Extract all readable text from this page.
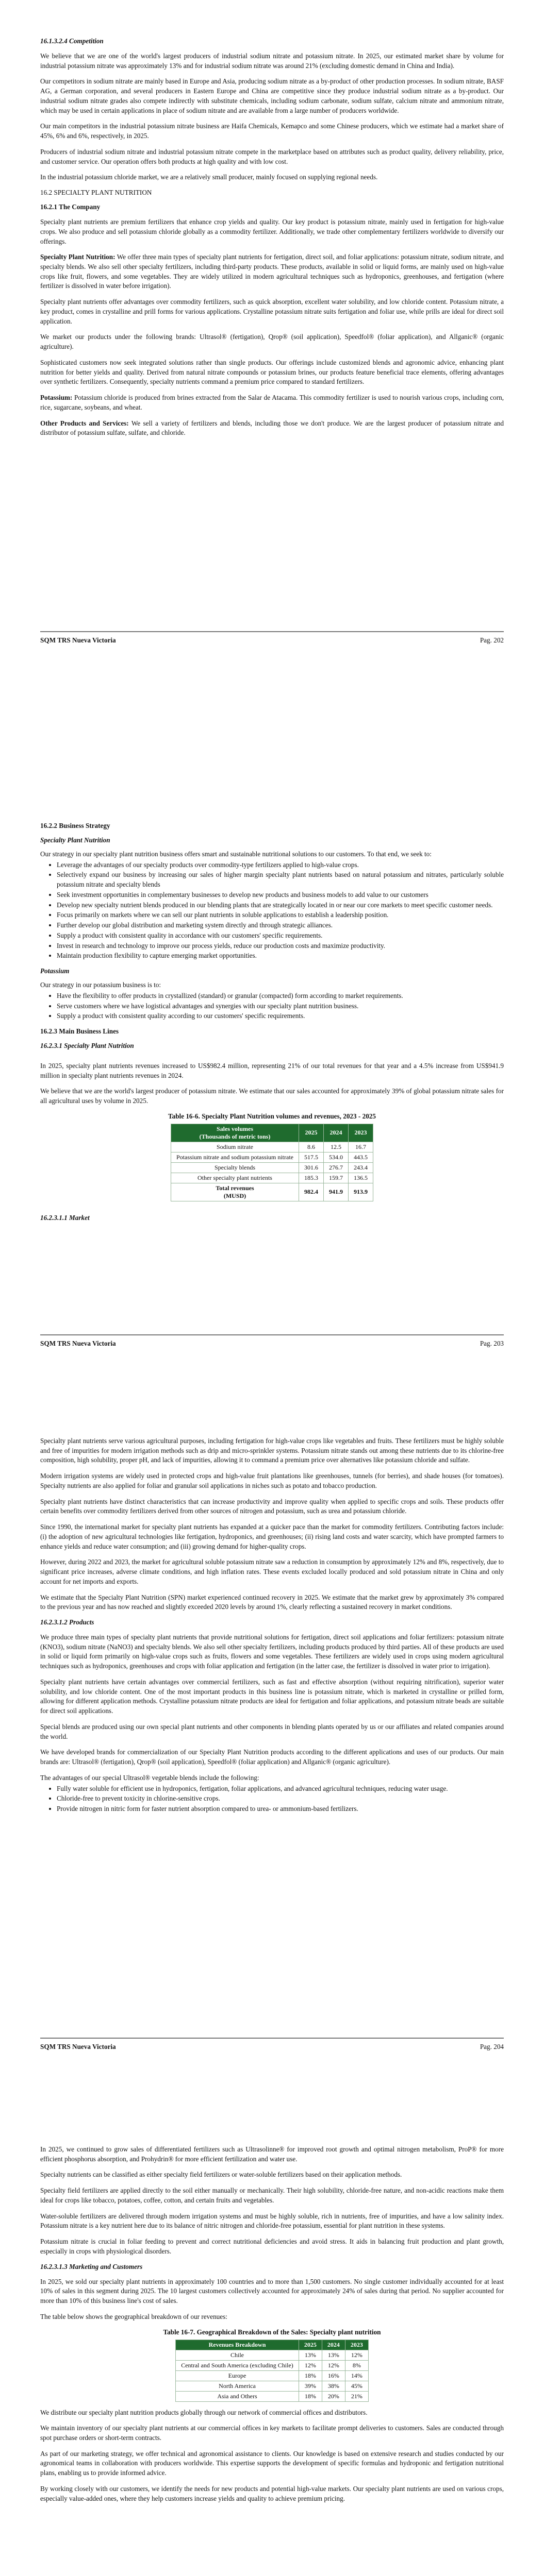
16.1.3.2.4 Competition

We believe that we are one of the world's largest producers of industrial sodium nitrate and potassium nitrate. In 2025, our estimated market share by volume for industrial potassium nitrate was approximately 13% and for industrial sodium nitrate was around 21% (excluding domestic demand in China and India).

Our competitors in sodium nitrate are mainly based in Europe and Asia, producing sodium nitrate as a by-product of other production processes. In sodium nitrate, BASF AG, a German corporation, and several producers in Eastern Europe and China are competitive since they produce industrial sodium nitrate as a by-product. Our industrial sodium nitrate grades also compete indirectly with substitute chemicals, including sodium carbonate, sodium sulfate, calcium nitrate and ammonium nitrate, which may be used in certain applications in place of sodium nitrate and are available from a large number of producers worldwide.

Our main competitors in the industrial potassium nitrate business are Haifa Chemicals, Kemapco and some Chinese producers, which we estimate had a market share of 45%, 6% and 6%, respectively, in 2025.

Producers of industrial sodium nitrate and industrial potassium nitrate compete in the marketplace based on attributes such as product quality, delivery reliability, price, and customer service. Our operation offers both products at high quality and with low cost.

In the industrial potassium chloride market, we are a relatively small producer, mainly focused on supplying regional needs.

16.2 SPECIALTY PLANT NUTRITION
16.2.1 The Company

Specialty plant nutrients are premium fertilizers that enhance crop yields and quality. Our key product is potassium nitrate, mainly used in fertigation for high-value crops. We also produce and sell potassium chloride globally as a commodity fertilizer. Additionally, we trade other complementary fertilizers worldwide to diversify our offerings.

Specialty Plant Nutrition: We offer three main types of specialty plant nutrients for fertigation, direct soil, and foliar applications: potassium nitrate, sodium nitrate, and specialty blends. We also sell other specialty fertilizers, including third-party products. These products, available in solid or liquid forms, are mainly used on high-value crops like fruit, flowers, and some vegetables. They are widely utilized in modern agricultural techniques such as hydroponics, greenhouses, and fertigation (where fertilizer is dissolved in water before irrigation).

Specialty plant nutrients offer advantages over commodity fertilizers, such as quick absorption, excellent water solubility, and low chloride content. Potassium nitrate, a key product, comes in crystalline and prill forms for various applications. Crystalline potassium nitrate suits fertigation and foliar use, while prills are ideal for direct soil application.

We market our products under the following brands: Ultrasol® (fertigation), Qrop® (soil application), Speedfol® (foliar application), and Allganic® (organic agriculture).

Sophisticated customers now seek integrated solutions rather than single products. Our offerings include customized blends and agronomic advice, enhancing plant nutrition for better yields and quality. Derived from natural nitrate compounds or potassium brines, our products feature beneficial trace elements, offering advantages over synthetic fertilizers. Consequently, specialty nutrients command a premium price compared to standard fertilizers.

Potassium: Potassium chloride is produced from brines extracted from the Salar de Atacama. This commodity fertilizer is used to nourish various crops, including corn, rice, sugarcane, soybeans, and wheat.

Other Products and Services: We sell a variety of fertilizers and blends, including those we don't produce. We are the largest producer of potassium nitrate and distributor of potassium sulfate, sulfate, and chloride.

SQM TRS Nueva Victoria	Pag. 202
16.2.2 Business Strategy
Specialty Plant Nutrition

Our strategy in our specialty plant nutrition business offers smart and sustainable nutritional solutions to our customers. To that end, we seek to:

• Leverage the advantages of our specialty products over commodity-type fertilizers applied to high-value crops.
• Selectively expand our business by increasing our sales of higher margin specialty plant nutrients based on natural potassium and nitrates, particularly soluble potassium nitrate and specialty blends
• Seek investment opportunities in complementary businesses to develop new products and business models to add value to our customers
• Develop new specialty nutrient blends produced in our blending plants that are strategically located in or near our core markets to meet specific customer needs.
• Focus primarily on markets where we can sell our plant nutrients in soluble applications to establish a leadership position.
• Further develop our global distribution and marketing system directly and through strategic alliances.
• Supply a product with consistent quality in accordance with our customers' specific requirements.
• Invest in research and technology to improve our process yields, reduce our production costs and maximize productivity.
• Maintain production flexibility to capture emerging market opportunities.
Potassium

Our strategy in our potassium business is to:

• Have the flexibility to offer products in crystallized (standard) or granular (compacted) form according to market requirements.
• Serve customers where we have logistical advantages and synergies with our specialty plant nutrition business.
• Supply a product with consistent quality according to our customers' specific requirements.
16.2.3 Main Business Lines
16.2.3.1 Specialty Plant Nutrition

In 2025, specialty plant nutrients revenues increased to US$982.4 million, representing 21% of our total revenues for that year and a 4.5% increase from US$941.9 million in specialty plant nutrients revenues in 2024.

We believe that we are the world's largest producer of potassium nitrate. We estimate that our sales accounted for approximately 39% of global potassium nitrate sales for all agricultural uses by volume in 2025.

Table 16-6. Specialty Plant Nutrition volumes and revenues, 2023 - 2025
Sales volumes
(Thousands of metric tons)	2025	2024	2023
Sodium nitrate	8.6	12.5	16.7
Potassium nitrate and sodium potassium nitrate	517.5	534.0	443.5
Specialty blends	301.6	276.7	243.4
Other specialty plant nutrients	185.3	159.7	136.5
Total revenues
(MUSD)	982.4	941.9	913.9
16.2.3.1.1 Market
SQM TRS Nueva Victoria	Pag. 203

Specialty plant nutrients serve various agricultural purposes, including fertigation for high-value crops like vegetables and fruits. These fertilizers must be highly soluble and free of impurities for modern irrigation methods such as drip and micro-sprinkler systems. Potassium nitrate stands out among these nutrients due to its chlorine-free composition, high solubility, proper pH, and lack of impurities, allowing it to command a premium price over alternatives like potassium chloride and sulfate.

Modern irrigation systems are widely used in protected crops and high-value fruit plantations like greenhouses, tunnels (for berries), and shade houses (for tomatoes). Specialty nutrients are also applied for foliar and granular soil applications in niches such as potato and tobacco production.

Specialty plant nutrients have distinct characteristics that can increase productivity and improve quality when applied to specific crops and soils. These products offer certain benefits over commodity fertilizers derived from other sources of nitrogen and potassium, such as urea and potassium chloride.

Since 1990, the international market for specialty plant nutrients has expanded at a quicker pace than the market for commodity fertilizers. Contributing factors include: (i) the adoption of new agricultural technologies like fertigation, hydroponics, and greenhouses; (ii) rising land costs and water scarcity, which have prompted farmers to enhance yields and reduce water consumption; and (iii) growing demand for higher-quality crops.

However, during 2022 and 2023, the market for agricultural soluble potassium nitrate saw a reduction in consumption by approximately 12% and 8%, respectively, due to significant price increases, adverse climate conditions, and high inflation rates. These events excluded locally produced and sold potassium nitrate in China and only account for net imports and exports.

We estimate that the Specialty Plant Nutrition (SPN) market experienced continued recovery in 2025. We estimate that the market grew by approximately 3% compared to the previous year and has now reached and slightly exceeded 2020 levels by around 1%, clearly reflecting a sustained recovery in market conditions.

16.2.3.1.2 Products

We produce three main types of specialty plant nutrients that provide nutritional solutions for fertigation, direct soil applications and foliar fertilizers: potassium nitrate (KNO3), sodium nitrate (NaNO3) and specialty blends. We also sell other specialty fertilizers, including products produced by third parties. All of these products are used in solid or liquid form primarily on high-value crops such as fruits, flowers and some vegetables. These fertilizers are widely used in crops using modern agricultural techniques such as hydroponics, greenhouses and crops with foliar application and fertigation (in the latter case, the fertilizer is dissolved in water prior to irrigation).

Specialty plant nutrients have certain advantages over commercial fertilizers, such as fast and effective absorption (without requiring nitrification), superior water solubility, and low chloride content. One of the most important products in this business line is potassium nitrate, which is marketed in crystalline or prilled form, allowing for different application methods. Crystalline potassium nitrate products are ideal for fertigation and foliar applications, and potassium nitrate beads are suitable for direct soil applications.

Special blends are produced using our own special plant nutrients and other components in blending plants operated by us or our affiliates and related companies around the world.

We have developed brands for commercialization of our Specialty Plant Nutrition products according to the different applications and uses of our products. Our main brands are: Ultrasol® (fertigation), Qrop® (soil application), Speedfol® (foliar application) and Allganic® (organic agriculture).

The advantages of our special Ultrasol® vegetable blends include the following:

• Fully water soluble for efficient use in hydroponics, fertigation, foliar applications, and advanced agricultural techniques, reducing water usage.
• Chloride-free to prevent toxicity in chlorine-sensitive crops.
• Provide nitrogen in nitric form for faster nutrient absorption compared to urea- or ammonium-based fertilizers.
SQM TRS Nueva Victoria	Pag. 204

In 2025, we continued to grow sales of differentiated fertilizers such as Ultrasolinne® for improved root growth and optimal nitrogen metabolism, ProP® for more efficient phosphorus absorption, and Prohydrin® for more efficient fertilization and water use.

Specialty nutrients can be classified as either specialty field fertilizers or water-soluble fertilizers based on their application methods.

Specialty field fertilizers are applied directly to the soil either manually or mechanically. Their high solubility, chloride-free nature, and non-acidic reactions make them ideal for crops like tobacco, potatoes, coffee, cotton, and certain fruits and vegetables.

Water-soluble fertilizers are delivered through modern irrigation systems and must be highly soluble, rich in nutrients, free of impurities, and have a low salinity index. Potassium nitrate is a key nutrient here due to its balance of nitric nitrogen and chloride-free potassium, essential for plant nutrition in these systems.

Potassium nitrate is crucial in foliar feeding to prevent and correct nutritional deficiencies and avoid stress. It aids in balancing fruit production and plant growth, especially in crops with physiological disorders.

16.2.3.1.3 Marketing and Customers

In 2025, we sold our specialty plant nutrients in approximately 100 countries and to more than 1,500 customers. No single customer individually accounted for at least 10% of sales in this segment during 2025. The 10 largest customers collectively accounted for approximately 24% of sales during that period. No supplier accounted for more than 10% of this business line's cost of sales.

The table below shows the geographical breakdown of our revenues:

Table 16-7. Geographical Breakdown of the Sales: Specialty plant nutrition
Revenues Breakdown	2025	2024	2023
Chile	13%	13%	12%
Central and South America (excluding Chile)	12%	12%	8%
Europe	18%	16%	14%
North America	39%	38%	45%
Asia and Others	18%	20%	21%

We distribute our specialty plant nutrition products globally through our network of commercial offices and distributors.

We maintain inventory of our specialty plant nutrients at our commercial offices in key markets to facilitate prompt deliveries to customers. Sales are conducted through spot purchase orders or short-term contracts.

As part of our marketing strategy, we offer technical and agronomical assistance to clients. Our knowledge is based on extensive research and studies conducted by our agronomical teams in collaboration with producers worldwide. This expertise supports the development of specific formulas and hydroponic and fertigation nutritional plans, enabling us to provide informed advice.

By working closely with our customers, we identify the needs for new products and potential high-value markets. Our specialty plant nutrients are used on various crops, especially value-added ones, where they help customers increase yields and quality to achieve premium pricing.
